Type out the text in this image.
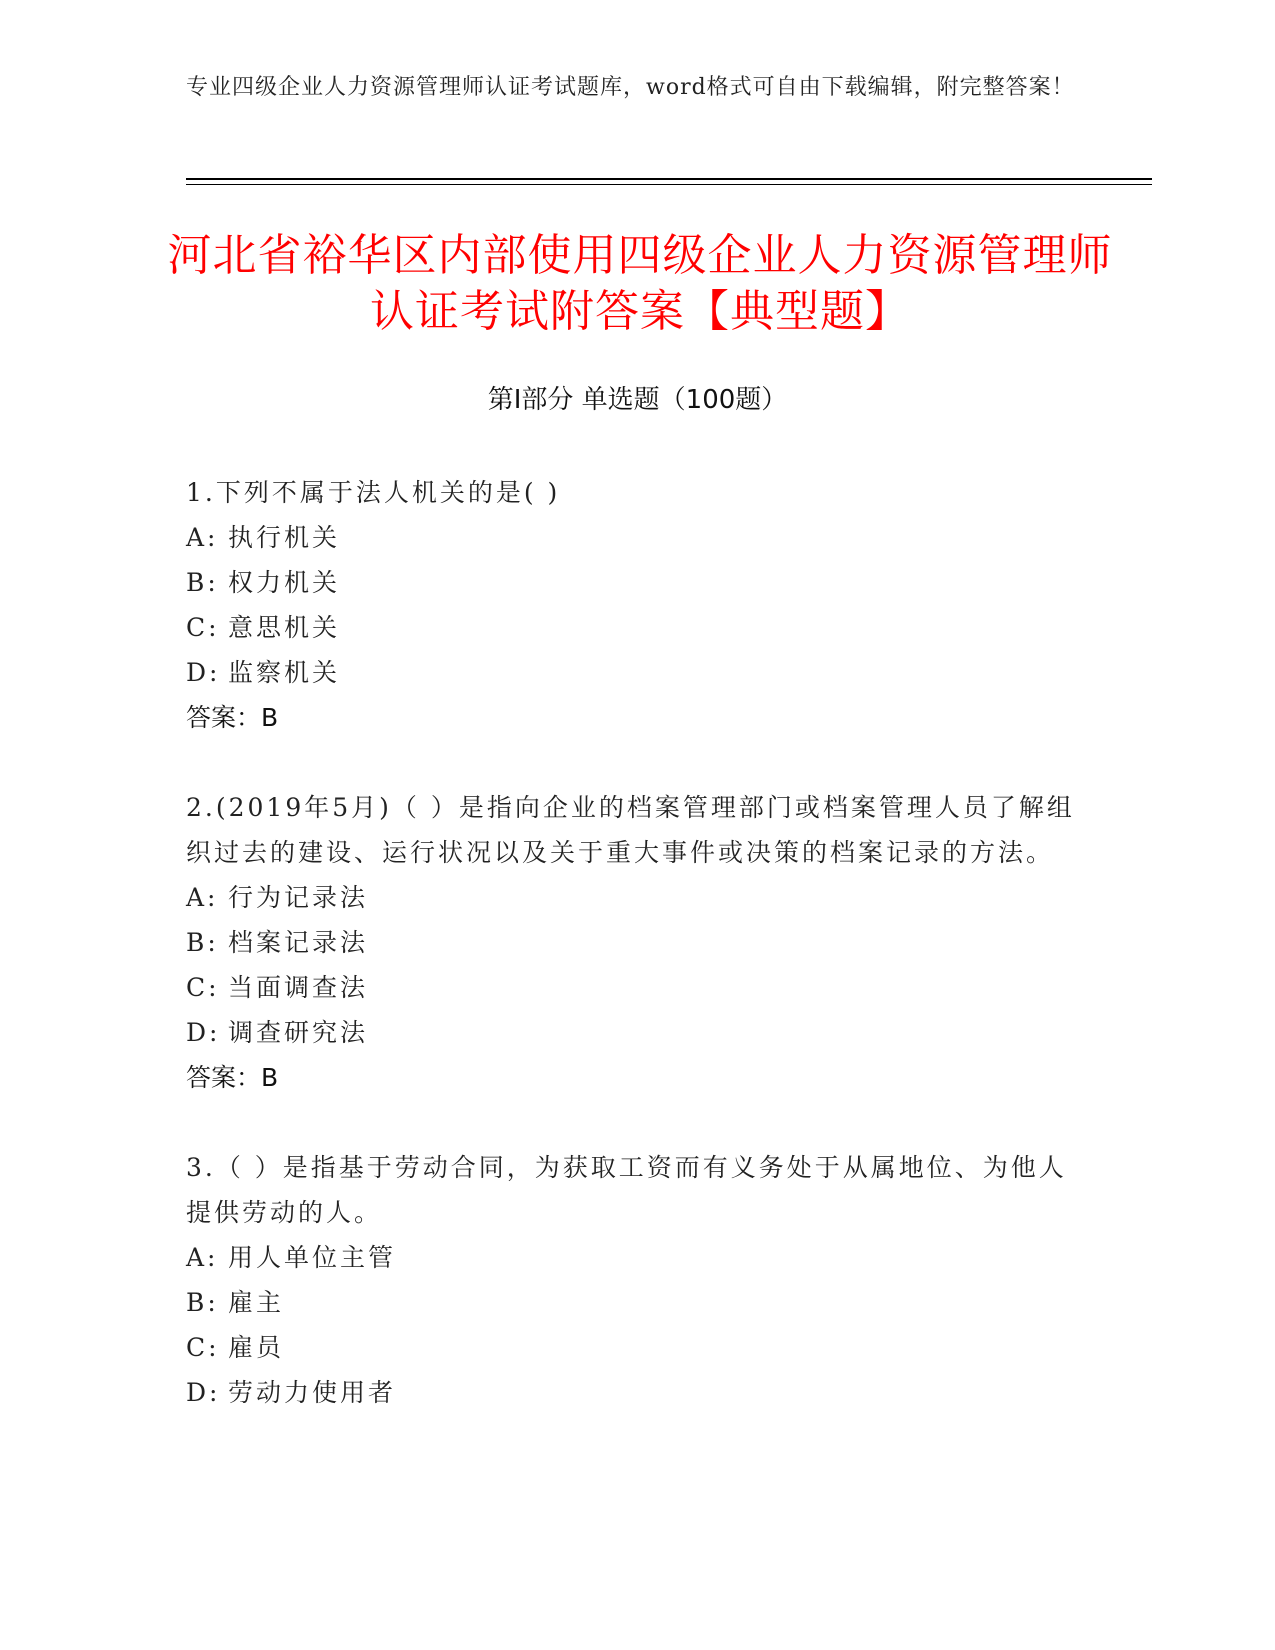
专业四级企业人力资源管理师认证考试题库，word格式可自由下载编辑，附完整答案！
河北省裕华区内部使用四级企业人力资源管理师认证考试附答案【典型题】
第Ⅰ部分 单选题（100题）
1.下列不属于法人机关的是( )
A: 执行机关
B: 权力机关
C: 意思机关
D: 监察机关
答案：B
2.(2019年5月)（ ）是指向企业的档案管理部门或档案管理人员了解组织过去的建设、运行状况以及关于重大事件或决策的档案记录的方法。
A: 行为记录法
B: 档案记录法
C: 当面调查法
D: 调查研究法
答案：B
3.（ ）是指基于劳动合同，为获取工资而有义务处于从属地位、为他人提供劳动的人。
A: 用人单位主管
B: 雇主
C: 雇员
D: 劳动力使用者
